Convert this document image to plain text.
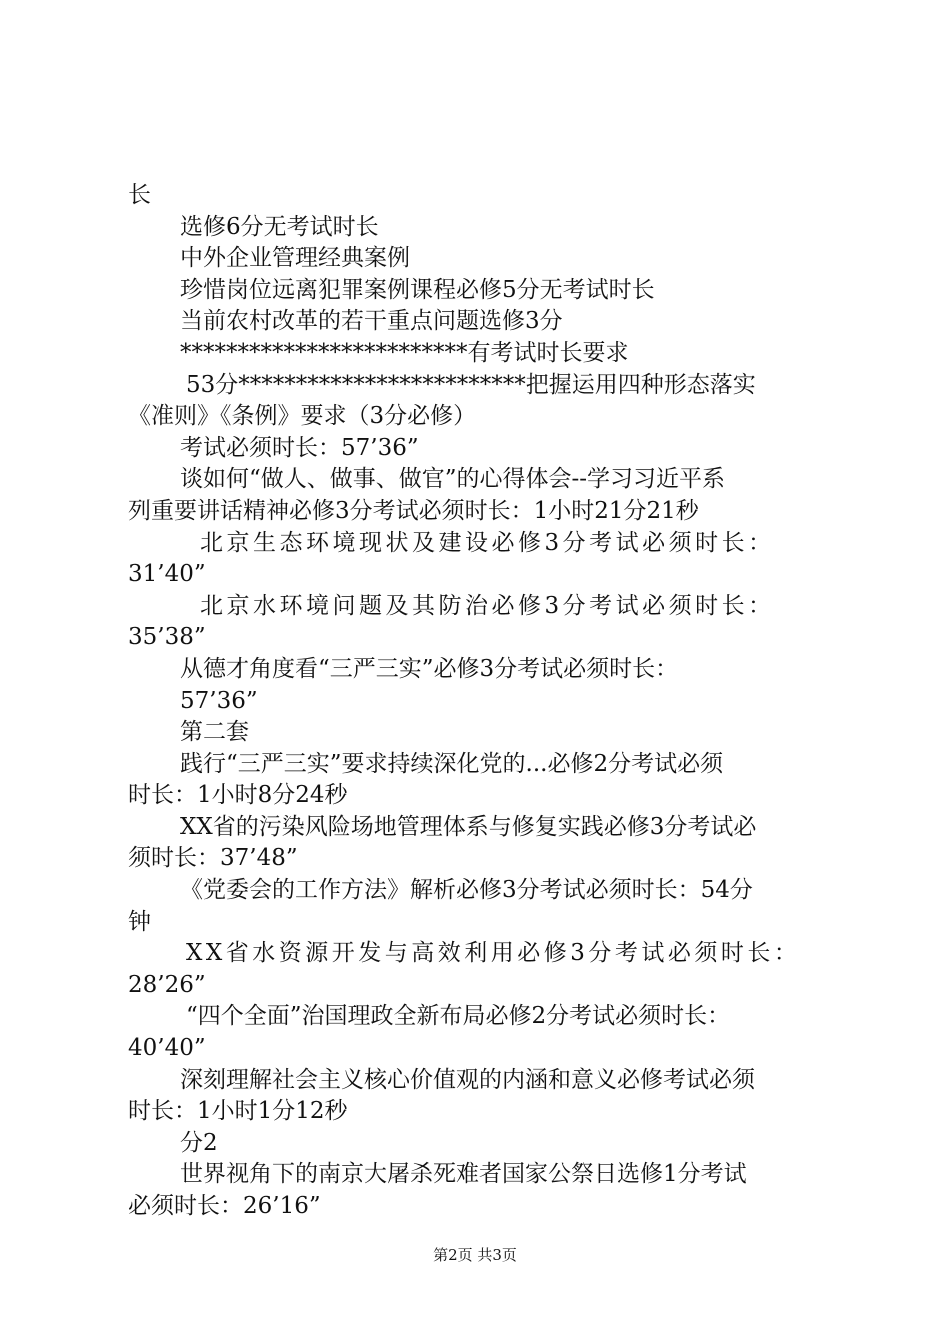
长
选修6分无考试时长
中外企业管理经典案例
珍惜岗位远离犯罪案例课程必修5分无考试时长
当前农村改革的若干重点问题选修3分
*************************有考试时长要求
53分*************************把握运用四种形态落实
《准则》《条例》要求（3分必修）
考试必须时长：57’36”
谈如何“做人、做事、做官”的心得体会--学习习近平系
列重要讲话精神必修3分考试必须时长：1小时21分21秒
北京生态环境现状及建设必修3分考试必须时长：
31’40”
北京水环境问题及其防治必修3分考试必须时长：
35’38”
从德才角度看“三严三实”必修3分考试必须时长：
57’36”
第二套
践行“三严三实”要求持续深化党的...必修2分考试必须
时长：1小时8分24秒
XX省的污染风险场地管理体系与修复实践必修3分考试必
须时长：37’48”
《党委会的工作方法》解析必修3分考试必须时长：54分
钟
XX省水资源开发与高效利用必修3分考试必须时长：
28’26”
“四个全面”治国理政全新布局必修2分考试必须时长：
40’40”
深刻理解社会主义核心价值观的内涵和意义必修考试必须
时长：1小时1分12秒
分2
世界视角下的南京大屠杀死难者国家公祭日选修1分考试
必须时长：26’16”
第2页 共3页
